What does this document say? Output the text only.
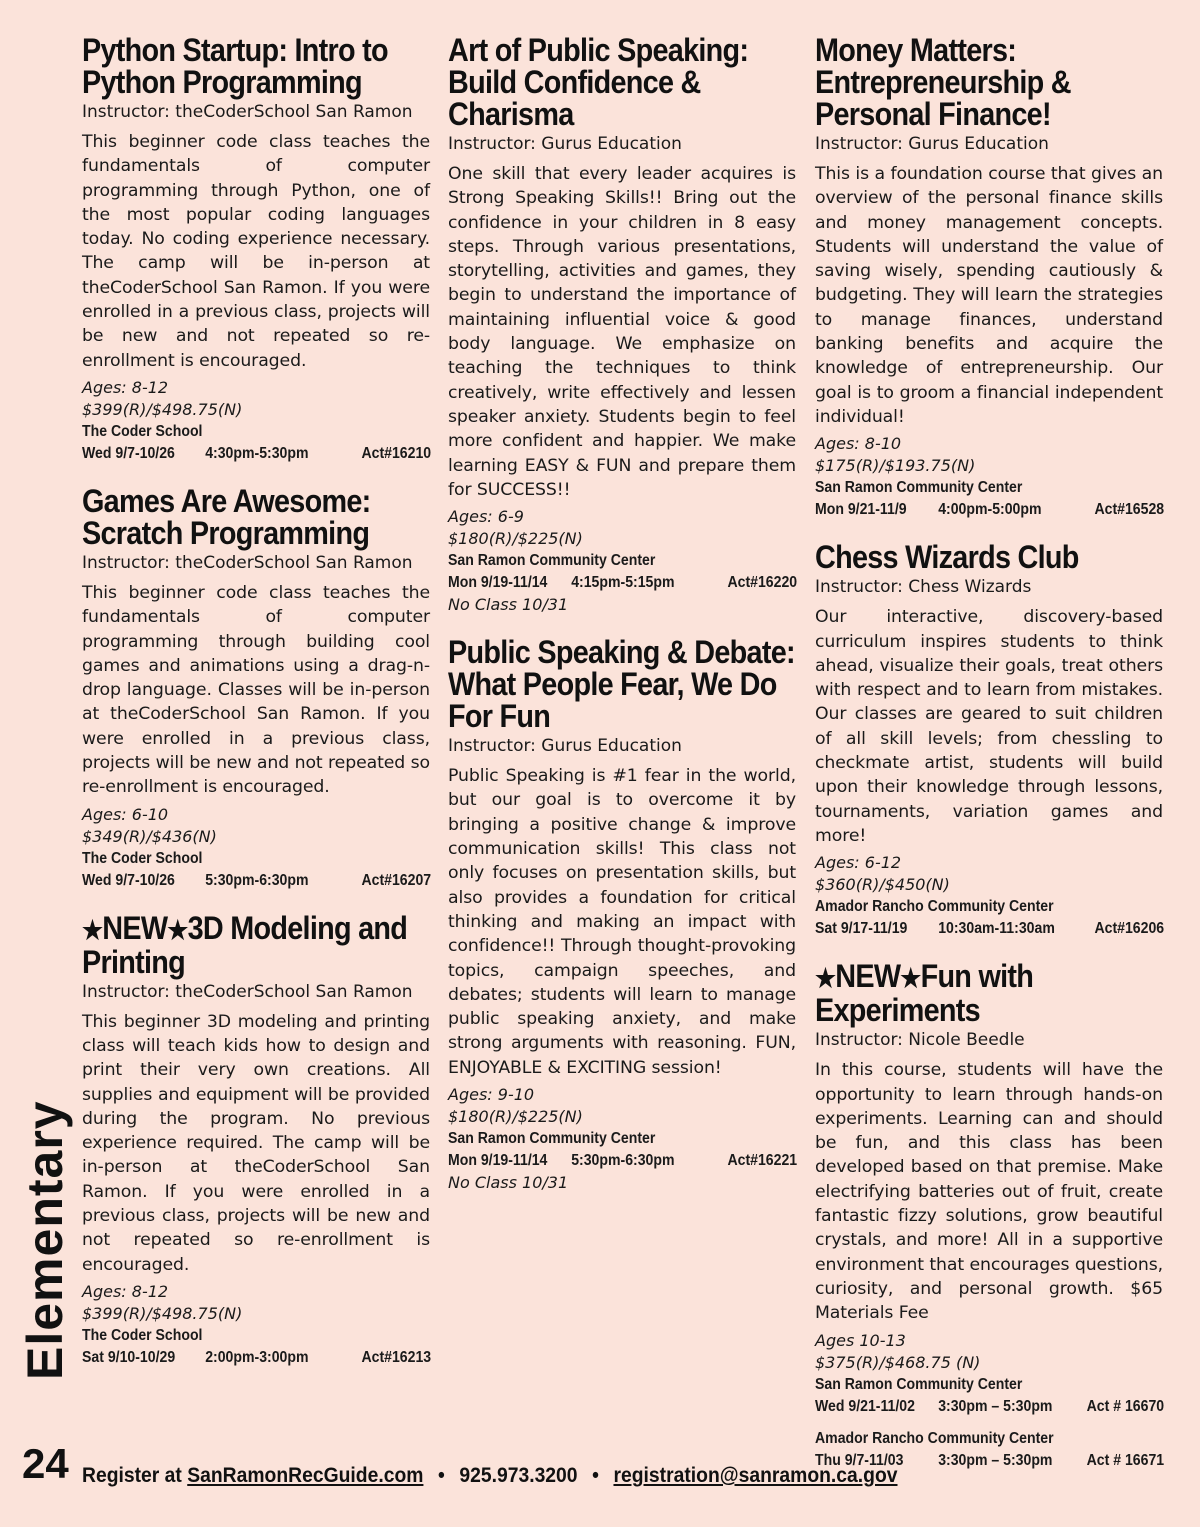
Python Startup: Intro to Python Programming
Instructor: theCoderSchool San Ramon
This beginner code class teaches the fundamentals of computer programming through Python, one of the most popular coding languages today. No coding experience necessary. The camp will be in-person at theCoderSchool San Ramon. If you were enrolled in a previous class, projects will be new and not repeated so re-enrollment is encouraged.
Ages: 8-12
$399(R)/$498.75(N)
The Coder School
Wed 9/7-10/26	4:30pm-5:30pm	Act#16210
Games Are Awesome: Scratch Programming
Instructor: theCoderSchool San Ramon
This beginner code class teaches the fundamentals of computer programming through building cool games and animations using a drag-n-drop language. Classes will be in-person at theCoderSchool San Ramon. If you were enrolled in a previous class, projects will be new and not repeated so re-enrollment is encouraged.
Ages: 6-10
$349(R)/$436(N)
The Coder School
Wed 9/7-10/26	5:30pm-6:30pm	Act#16207
★NEW★3D Modeling and Printing
Instructor: theCoderSchool San Ramon
This beginner 3D modeling and printing class will teach kids how to design and print their very own creations. All supplies and equipment will be provided during the program. No previous experience required. The camp will be in-person at theCoderSchool San Ramon. If you were enrolled in a previous class, projects will be new and not repeated so re-enrollment is encouraged.
Ages: 8-12
$399(R)/$498.75(N)
The Coder School
Sat 9/10-10/29	2:00pm-3:00pm	Act#16213
Art of Public Speaking: Build Confidence & Charisma
Instructor: Gurus Education
One skill that every leader acquires is Strong Speaking Skills!! Bring out the confidence in your children in 8 easy steps. Through various presentations, storytelling, activities and games, they begin to understand the importance of maintaining influential voice & good body language. We emphasize on teaching the techniques to think creatively, write effectively and lessen speaker anxiety. Students begin to feel more confident and happier. We make learning EASY & FUN and prepare them for SUCCESS!!
Ages: 6-9
$180(R)/$225(N)
San Ramon Community Center
Mon 9/19-11/14	4:15pm-5:15pm	Act#16220
No Class 10/31
Public Speaking & Debate: What People Fear, We Do For Fun
Instructor: Gurus Education
Public Speaking is #1 fear in the world, but our goal is to overcome it by bringing a positive change & improve communication skills! This class not only focuses on presentation skills, but also provides a foundation for critical thinking and making an impact with confidence!! Through thought-provoking topics, campaign speeches, and debates; students will learn to manage public speaking anxiety, and make strong arguments with reasoning. FUN, ENJOYABLE & EXCITING session!
Ages: 9-10
$180(R)/$225(N)
San Ramon Community Center
Mon 9/19-11/14	5:30pm-6:30pm	Act#16221
No Class 10/31
Money Matters: Entrepreneurship & Personal Finance!
Instructor: Gurus Education
This is a foundation course that gives an overview of the personal finance skills and money management concepts. Students will understand the value of saving wisely, spending cautiously & budgeting. They will learn the strategies to manage finances, understand banking benefits and acquire the knowledge of entrepreneurship. Our goal is to groom a financial independent individual!
Ages: 8-10
$175(R)/$193.75(N)
San Ramon Community Center
Mon 9/21-11/9	4:00pm-5:00pm	Act#16528
Chess Wizards Club
Instructor: Chess Wizards
Our interactive, discovery-based curriculum inspires students to think ahead, visualize their goals, treat others with respect and to learn from mistakes. Our classes are geared to suit children of all skill levels; from chessling to checkmate artist, students will build upon their knowledge through lessons, tournaments, variation games and more!
Ages: 6-12
$360(R)/$450(N)
Amador Rancho Community Center
Sat 9/17-11/19	10:30am-11:30am	Act#16206
★NEW★Fun with Experiments
Instructor: Nicole Beedle
In this course, students will have the opportunity to learn through hands-on experiments. Learning can and should be fun, and this class has been developed based on that premise. Make electrifying batteries out of fruit, create fantastic fizzy solutions, grow beautiful crystals, and more! All in a supportive environment that encourages questions, curiosity, and personal growth. $65 Materials Fee
Ages 10-13
$375(R)/$468.75 (N)
San Ramon Community Center
Wed 9/21-11/02	3:30pm – 5:30pm	Act # 16670
Amador Rancho Community Center
Thu 9/7-11/03	3:30pm – 5:30pm	Act # 16671
Elementary
24 Register at SanRamonRecGuide.com • 925.973.3200 • registration@sanramon.ca.gov
